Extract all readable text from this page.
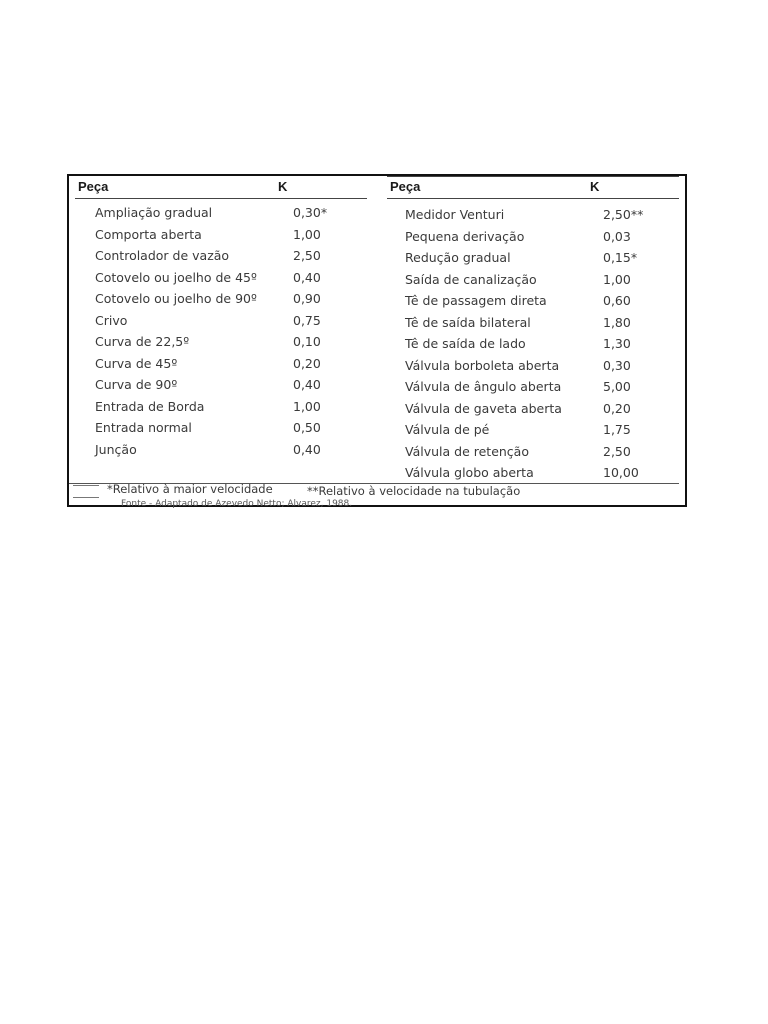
Peça	K
Ampliação gradual	0,30*
Comporta aberta	1,00
Controlador de vazão	2,50
Cotovelo ou joelho de 45º	0,40
Cotovelo ou joelho de 90º	0,90
Crivo	0,75
Curva de 22,5º	0,10
Curva de 45º	0,20
Curva de 90º	0,40
Entrada de Borda	1,00
Entrada normal	0,50
Junção	0,40
Peça	K
Medidor Venturi	2,50**
Pequena derivação	0,03
Redução gradual	0,15*
Saída de canalização	1,00
Tê de passagem direta	0,60
Tê de saída bilateral	1,80
Tê de saída de lado	1,30
Válvula borboleta aberta	0,30
Válvula de ângulo aberta	5,00
Válvula de gaveta aberta	0,20
Válvula de pé	1,75
Válvula de retenção	2,50
Válvula globo aberta	10,00
*Relativo à maior velocidade	**Relativo à velocidade na tubulação
Fonte - Adaptado de Azevedo Netto; Alvarez, 1988.
